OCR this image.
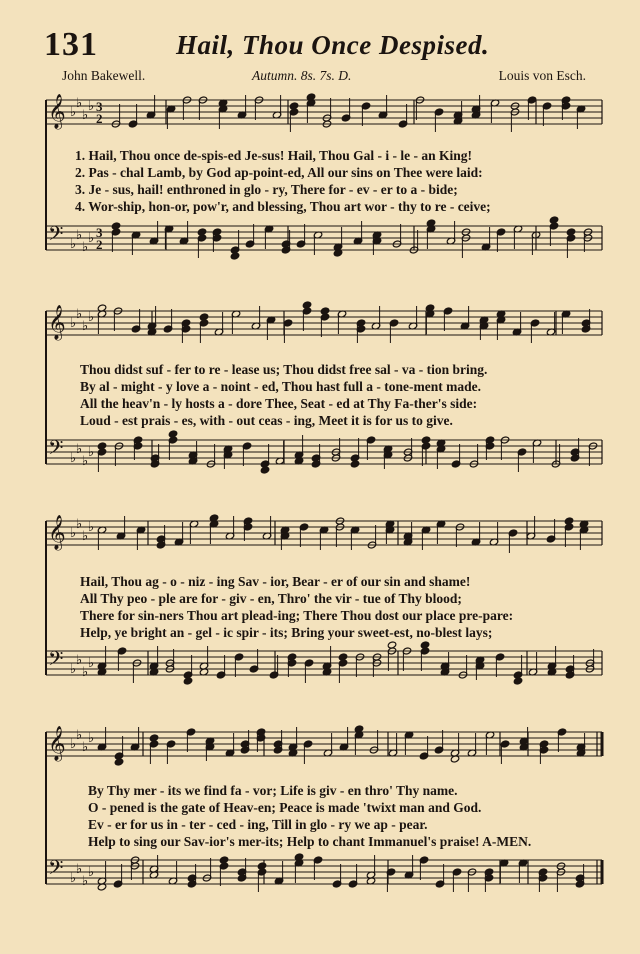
131	Hail, Thou Once Despised.
John Bakewell.	Autumn. 8s. 7s. D.	Louis von Esch.
𝄞 ♭
♭
♭
♭ 3
2
𝄢 ♭
♭
♭
♭ 3
2
𝄞 ♭
♭
♭
♭
𝄢 ♭
♭
♭
♭
𝄞 ♭
♭
♭
♭
𝄢 ♭
♭
♭
♭
𝄞 ♭
♭
♭
♭
𝄢 ♭
♭
♭
♭
1. Hail, Thou once de-spis-ed Je-sus! Hail, Thou Gal - i - le - an King!
2. Pas - chal Lamb, by God ap-point-ed, All our sins on Thee were laid:
3. Je - sus, hail! enthroned in glo - ry, There for - ev - er to a - bide;
4. Wor-ship, hon-or, pow'r, and blessing, Thou art wor - thy to re - ceive;
Thou didst suf - fer to re - lease us; Thou didst free sal - va - tion bring.
By al - might - y love a - noint - ed, Thou hast full a - tone-ment made.
All the heav'n - ly hosts a - dore Thee, Seat - ed at Thy Fa-ther's side:
Loud - est prais - es, with - out ceas - ing, Meet it is for us to give.
Hail, Thou ag - o - niz - ing Sav - ior, Bear - er of our sin and shame!
All Thy peo - ple are for - giv - en, Thro' the vir - tue of Thy blood;
There for sin-ners Thou art plead-ing; There Thou dost our place pre-pare:
Help, ye bright an - gel - ic spir - its; Bring your sweet-est, no-blest lays;
By Thy mer - its we find fa - vor; Life is giv - en thro' Thy name.
O - pened is the gate of Heav-en; Peace is made 'twixt man and God.
Ev - er for us in - ter - ced - ing, Till in glo - ry we ap - pear.
Help to sing our Sav-ior's mer-its; Help to chant Immanuel's praise! A-MEN.
